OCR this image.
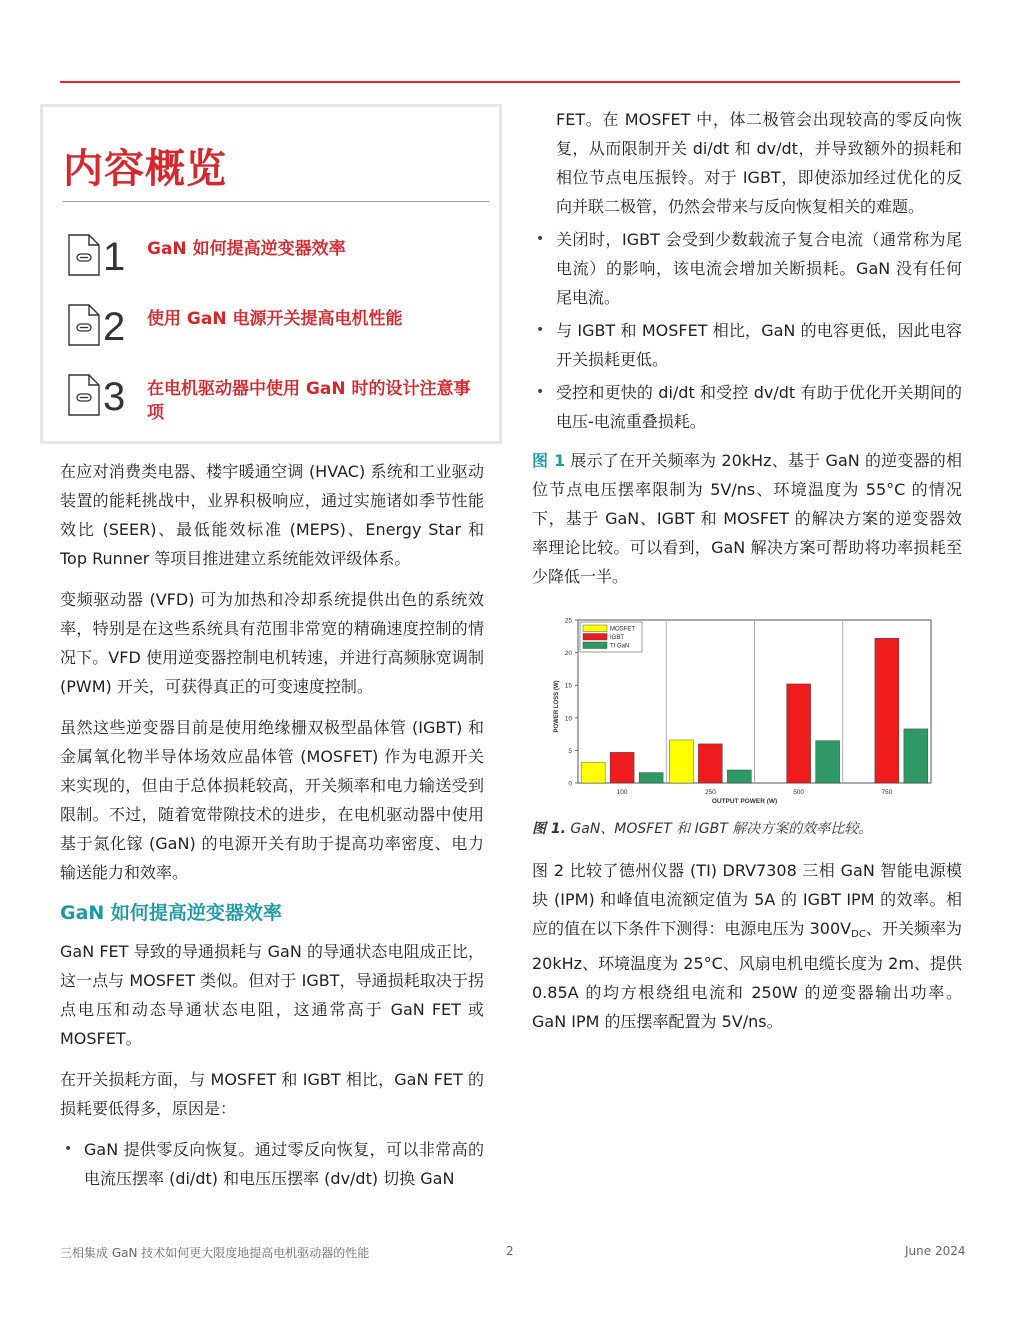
内容概览
1 GaN 如何提高逆变器效率
2 使用 GaN 电源开关提高电机性能
3 在电机驱动器中使用 GaN 时的设计注意事项

在应对消费类电器、楼宇暖通空调 (HVAC) 系统和工业驱动装置的能耗挑战中，业界积极响应，通过实施诸如季节性能效比 (SEER)、最低能效标准 (MEPS)、Energy Star 和 Top Runner 等项目推进建立系统能效评级体系。

变频驱动器 (VFD) 可为加热和冷却系统提供出色的系统效率，特别是在这些系统具有范围非常宽的精确速度控制的情况下。VFD 使用逆变器控制电机转速，并进行高频脉宽调制 (PWM) 开关，可获得真正的可变速度控制。

虽然这些逆变器目前是使用绝缘栅双极型晶体管 (IGBT) 和金属氧化物半导体场效应晶体管 (MOSFET) 作为电源开关来实现的，但由于总体损耗较高，开关频率和电力输送受到限制。不过，随着宽带隙技术的进步，在电机驱动器中使用基于氮化镓 (GaN) 的电源开关有助于提高功率密度、电力输送能力和效率。

GaN 如何提高逆变器效率

GaN FET 导致的导通损耗与 GaN 的导通状态电阻成正比，这一点与 MOSFET 类似。但对于 IGBT，导通损耗取决于拐点电压和动态导通状态电阻，这通常高于 GaN FET 或 MOSFET。

在开关损耗方面，与 MOSFET 和 IGBT 相比，GaN FET 的损耗要低得多，原因是：

• GaN 提供零反向恢复。通过零反向恢复，可以非常高的电流压摆率 (di/dt) 和电压压摆率 (dv/dt) 切换 GaN

FET。在 MOSFET 中，体二极管会出现较高的零反向恢复，从而限制开关 di/dt 和 dv/dt，并导致额外的损耗和相位节点电压振铃。对于 IGBT，即使添加经过优化的反向并联二极管，仍然会带来与反向恢复相关的难题。

• 关闭时，IGBT 会受到少数载流子复合电流（通常称为尾电流）的影响，该电流会增加关断损耗。GaN 没有任何尾电流。
• 与 IGBT 和 MOSFET 相比，GaN 的电容更低，因此电容开关损耗更低。
• 受控和更快的 di/dt 和受控 dv/dt 有助于优化开关期间的电压-电流重叠损耗。

图 1 展示了在开关频率为 20kHz、基于 GaN 的逆变器的相位节点电压摆率限制为 5V/ns、环境温度为 55°C 的情况下，基于 GaN、IGBT 和 MOSFET 的解决方案的逆变器效率理论比较。可以看到，GaN 解决方案可帮助将功率损耗至少降低一半。

0
5
10
15
20
25
100	250	500	750
OUTPUT POWER (W)
POWER LOSS (W)
MOSFET
IGBT
TI GaN
图 1. GaN、MOSFET 和 IGBT 解决方案的效率比较。

图 2 比较了德州仪器 (TI) DRV7308 三相 GaN 智能电源模块 (IPM) 和峰值电流额定值为 5A 的 IGBT IPM 的效率。相应的值在以下条件下测得：电源电压为 $300V_{DC}$、开关频率为 20kHz、环境温度为 25°C、风扇电机电缆长度为 2m、提供 0.85A 的均方根绕组电流和 250W 的逆变器输出功率。GaN IPM 的压摆率配置为 5V/ns。

三相集成 GaN 技术如何更大限度地提高电机驱动器的性能	2	June 2024
